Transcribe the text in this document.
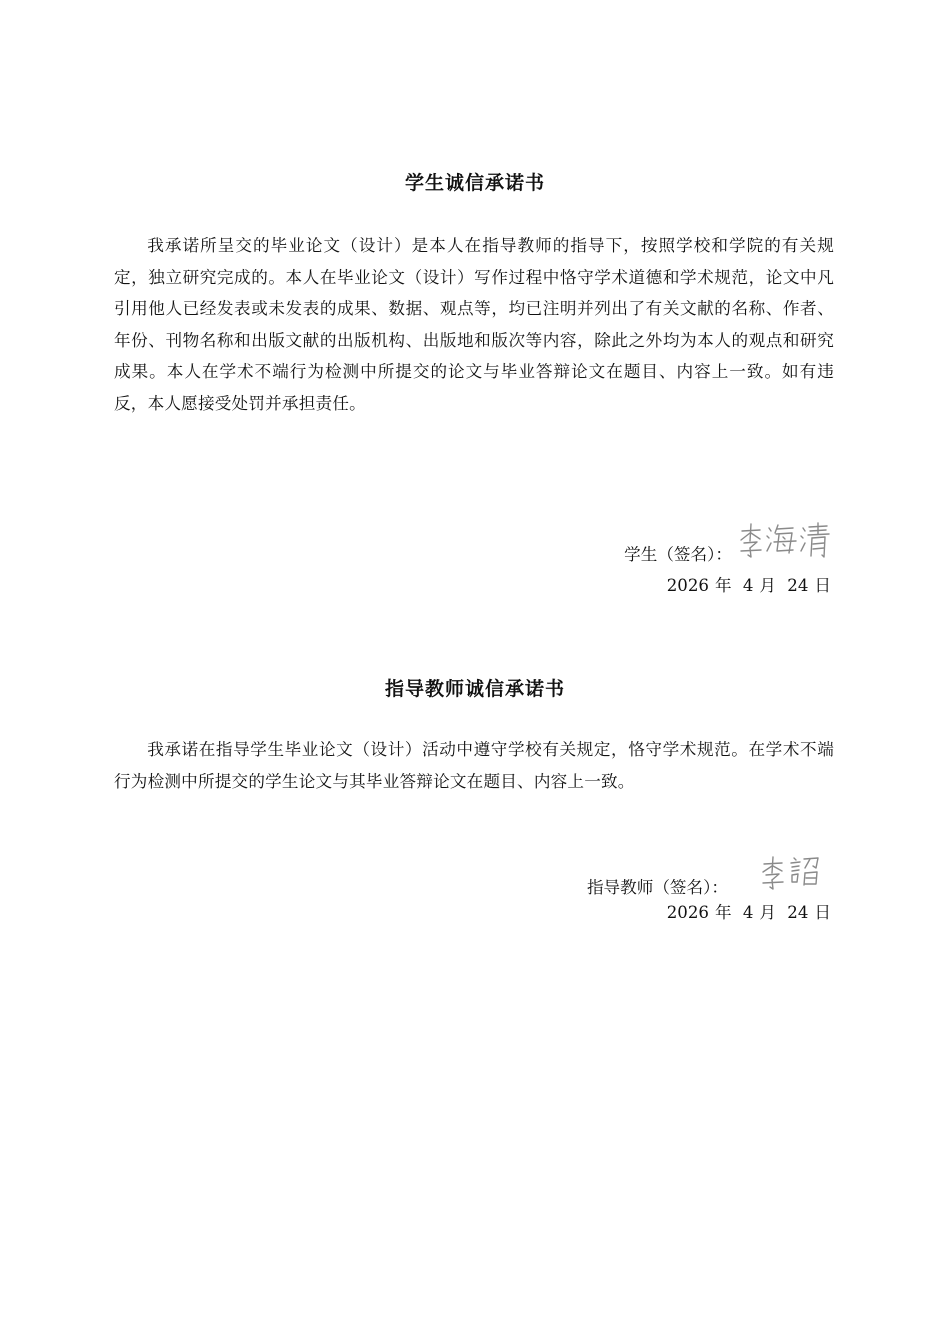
学生诚信承诺书
我承诺所呈交的毕业论文（设计）是本人在指导教师的指导下，按照学校和学院的有关规定，独立研究完成的。本人在毕业论文（设计）写作过程中恪守学术道德和学术规范，论文中凡引用他人已经发表或未发表的成果、数据、观点等，均已注明并列出了有关文献的名称、作者、年份、刊物名称和出版文献的出版机构、出版地和版次等内容，除此之外均为本人的观点和研究成果。本人在学术不端行为检测中所提交的论文与毕业答辩论文在题目、内容上一致。如有违反，本人愿接受处罚并承担责任。
学生（签名）：
2026 年 4 月 24 日
指导教师诚信承诺书
我承诺在指导学生毕业论文（设计）活动中遵守学校有关规定，恪守学术规范。在学术不端行为检测中所提交的学生论文与其毕业答辩论文在题目、内容上一致。
指导教师（签名）：
2026 年 4 月 24 日
